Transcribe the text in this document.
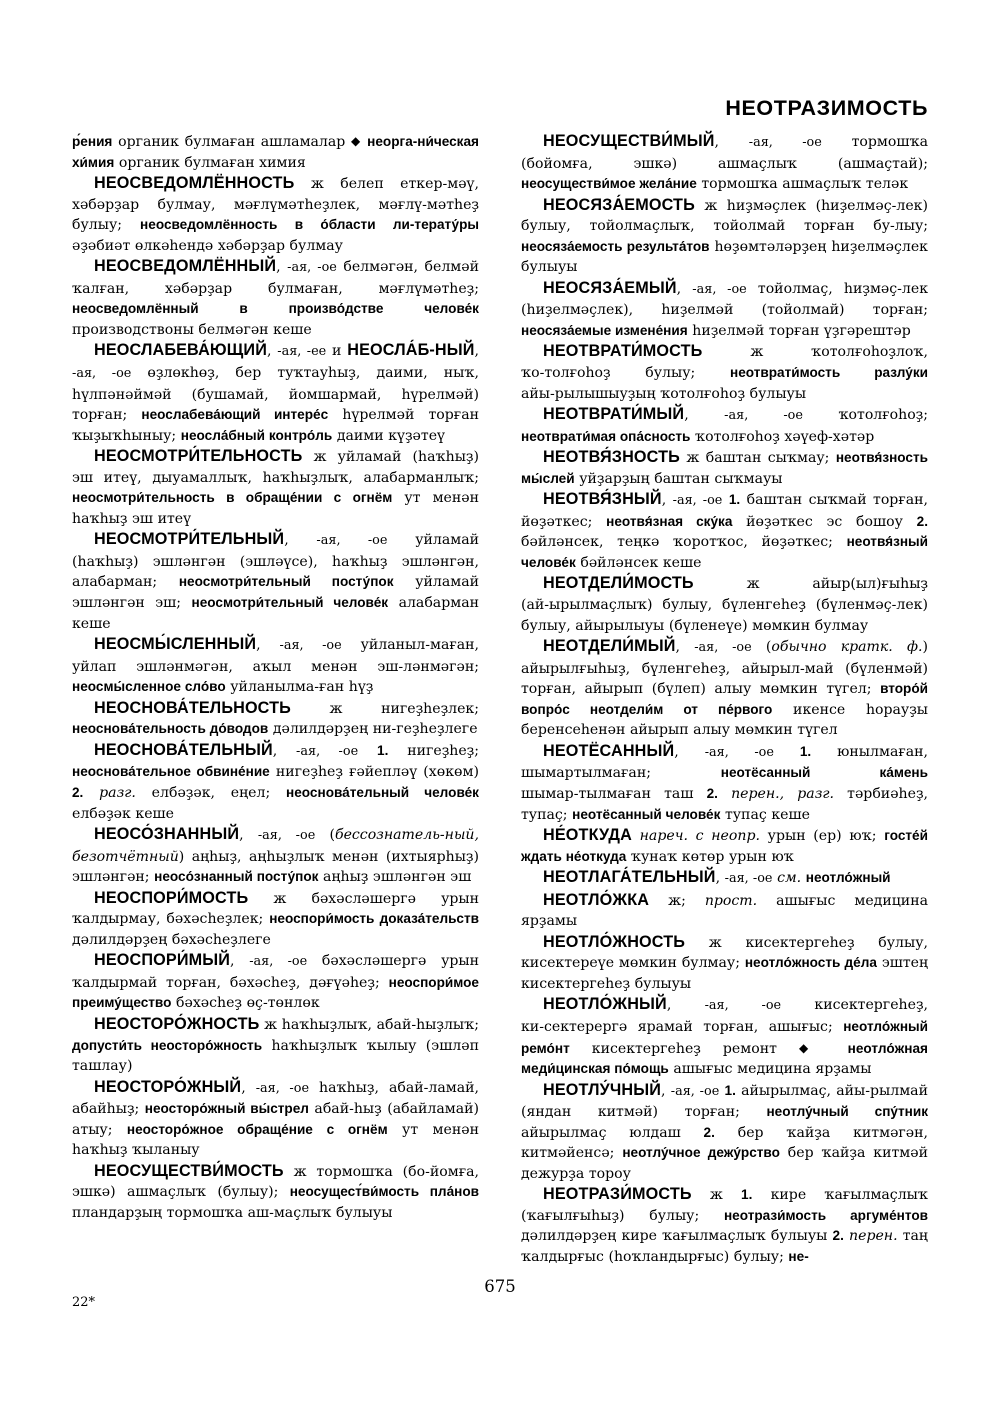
НЕОТРАЗИМОСТЬ

р́ения органик булмаған ашламалар ◆ неорга‑ни́ческая хи́мия органик булмаған химия

НЕОСВЕДОМЛЁННОСТЬ ж белеп еткер‑мәү, хәбәрҙар булмау, мәғлүмәтһеҙлек, мәғлү‑мәтһеҙ булыу; неосведомлённость в о́бласти ли‑терату́ры әҙәбиәт өлкәһендә хәбәрҙар булмау

НЕОСВЕДОМЛЁННЫЙ, -ая, -ое белмәгән, белмәй ҡалған, хәбәрҙар булмаған, мәғлүмәтһеҙ; неосведомлённый в произво́дстве челове́к производствоны белмәгән кеше

НЕОСЛАБЕВА́ЮЩИЙ, -ая, -ее и НЕОСЛА́Б‑НЫЙ, -ая, -ое өҙлөкһөҙ, бер туҡтауһыҙ, даими, ныҡ, һүлпәнәймәй (бушамай, йомшармай, һүрелмәй) торған; неослабева́ющий интере́с һүрелмәй торған ҡыҙыҡһыныу; неосла́бный контро́ль даими күҙәтеү

НЕОСМОТРИ́ТЕЛЬНОСТЬ ж уйламай (haҡһыҙ) эш итеү, дыуамаллыҡ, haҡһыҙлыҡ, алабарманлыҡ; неосмотри́тельность в обраще́нии с огнём ут менән haҡһыҙ эш итеү

НЕОСМОТРИ́ТЕЛЬНЫЙ, -ая, -ое уйламай (haҡһыҙ) эшләнгән (эшләүсе), haҡһыҙ эшләнгән, алабарман; неосмотри́тельный посту́пок уйламай эшләнгән эш; неосмотри́тельный челове́к алабарман кеше

НЕОСМЫ́СЛЕННЫЙ, -ая, -ое уйланыл‑маған, уйлап эшләнмәгән, аҡыл менән эш‑ләнмәгән; неосмы́сленное сло́во уйланылма‑ған һүҙ

НЕОСНОВА́ТЕЛЬНОСТЬ	ж нигеҙһеҙлек; неоснова́тельность до́водов дәлилдәрҙең ни‑геҙһеҙлеге

НЕОСНОВА́ТЕЛЬНЫЙ, -ая, -ое 1. нигеҙһеҙ; неоснова́тельное обвине́ние нигеҙһеҙ ғәйепләү (хөкөм) 2. разг. елбәҙәк, еңел; неоснова́тельный челове́к елбәҙәк кеше

НЕОСО́ЗНАННЫЙ, -ая, -ое (бессознатель‑ный, безотчётный) аңһыҙ, аңһыҙлыҡ менән (ихтыярһыҙ) эшләнгән; неосо́знанный посту́пок аңһыҙ эшләнгән эш

НЕОСПОРИ́МОСТЬ ж бәхәсләшергә урын ҡалдырмау, бәхәсһеҙлек; неоспори́мость доказа́тельств дәлилдәрҙең бәхәсһеҙлеге

НЕОСПОРИ́МЫЙ, -ая, -ое бәхәсләшергә урын ҡалдырмай торған, бәхәсһеҙ, дәғүәһеҙ; неоспори́мое преиму́щество бәхәсһеҙ өҫ‑төнлөк

НЕОСТОРО́ЖНОСТЬ ж haҡһыҙлыҡ, абай‑һыҙлыҡ; допусти́ть неосторо́жность haҡһыҙлыҡ ҡылыу (эшләп ташлау)

НЕОСТОРО́ЖНЫЙ, -ая, -ое haҡһыҙ, абай‑ламай, абайһыҙ; неосторо́жный вы́стрел абай‑һыҙ (абайламай) атыу; неосторо́жное обраще́ние с огнём ут менән haҡһыҙ ҡыланыу

НЕОСУЩЕСТВИ́МОСТЬ ж тормошҡа (бо‑йомға, эшкә) ашмаҫлыҡ (булыу); неосущест́ви́мость пла́нов пландарҙың тормошҡа аш‑маҫлыҡ булыуы

НЕОСУЩЕСТВИ́МЫЙ, -ая, -ое тормошҡа (бойомға, эшкә) ашмаҫлыҡ (ашмаҫтай); неосуществи́мое жела́ние тормошҡа ашмаҫлыҡ теләк

НЕОСЯЗА́ЕМОСТЬ ж hиҙмәҫлек (hиҙелмәҫ‑лек) булыу, тойолмаҫлыҡ, тойолмай торған бу‑лыу; неосяза́емость результа́тов һөҙөмтәләрҙең hиҙелмәҫлек булыуы

НЕОСЯЗА́ЕМЫЙ, -ая, -ое тойолмаҫ, hиҙмәҫ‑лек (hиҙелмәҫлек), hиҙелмәй (тойолмай) торған; неосяза́емые измене́ния hиҙелмәй торған үҙгәрештәр

НЕОТВРАТИ́МОСТЬ	ж ҡотолғоһоҙлоҡ, ҡо‑толғоһоҙ булыу; неотврати́мость разлу́ки айы‑рылышыуҙың ҡотолғоһоҙ булыуы

НЕОТВРАТИ́МЫЙ, -ая, -ое ҡотолғоһоҙ; неотврати́мая опа́сность ҡотолғоһоҙ хәүеф-хәтәр

НЕОТВЯ́ЗНОСТЬ ж баштан сыҡмау; неотвя́зность мы́слей уйҙарҙың баштан сыҡмауы

НЕОТВЯ́ЗНЫЙ, -ая, -ое 1. баштан сыҡмай торған, йөҙәткес; неотвя́зная ску́ка йөҙәткес эс бошоу 2. бәйләнсек, теңкә ҡоротҡос, йөҙәткес; неотвя́зный челове́к бәйләнсек кеше

НЕОТДЕЛИ́МОСТЬ	ж айыр(ыл)ғыһыҙ (ай‑ырылмаҫлыҡ) булыу, бүленгеһеҙ (бүленмәҫ‑лек) булыу, айырылыуы (бүленеүе) мөмкин булмау

НЕОТДЕЛИ́МЫЙ, -ая, -ое (обычно кратк. ф.) айырылғыһыҙ, бүленгеһеҙ, айырыл‑май (бүленмәй) торған, айырып (бүлеп) алыу мөмкин түгел; второ́й вопро́с неотдели́м от пе́рвого икенсе hорауҙы беренсеһенән айырып алыу мөмкин түгел

НЕОТЁСАННЫЙ, -ая, -ое 1. юнылмаған, шымартылмаған; неотёсанный ка́мень шымар‑тылмаған таш 2. перен., разг. тәрбиәһеҙ, тупаҫ; неотёсанный челове́к тупаҫ кеше

НЕ́ОТКУДА нареч. с неопр. урын (ер) юҡ; госте́й ждать не́откуда ҡунаҡ көтөр урын юҡ

НЕОТЛАГА́ТЕЛЬНЫЙ, -ая, -ое см. неотло́жный

НЕОТЛО́ЖКА ж; прост. ашығыс медицина ярҙамы

НЕОТЛО́ЖНОСТЬ ж кисектергеһеҙ булыу, кисектереүе мөмкин булмау; неотло́жность де́ла эштең кисектергеһеҙ булыуы

НЕОТЛО́ЖНЫЙ, -ая, -ое кисектергеһеҙ, ки‑сектерергә ярамай торған, ашығыс; неотло́жный ремо́нт кисектергеһеҙ ремонт ◆ неотло́жная меди́цинская по́мощь ашығыс медицина ярҙамы

НЕОТЛУ́ЧНЫЙ, -ая, -ое 1. айырылмаҫ, айы‑рылмай (яндан китмәй) торған; неотлу́чный спу́тник айырылмаҫ юлдаш 2. бер ҡайҙа китмәгән, китмәйенсә; неотлу́чное дежу́рство бер ҡайҙа китмәй дежурҙа тороу

НЕОТРАЗИ́МОСТЬ ж 1. кире ҡағылмаҫлыҡ (ҡағылғыһыҙ) булыу; неотрази́мость аргуме́нтов дәлилдәрҙең кире ҡағылмаҫлыҡ булыуы 2. перен. таң ҡалдырғыс (hоҡландырғыс) булыу; не‑

675
22*
